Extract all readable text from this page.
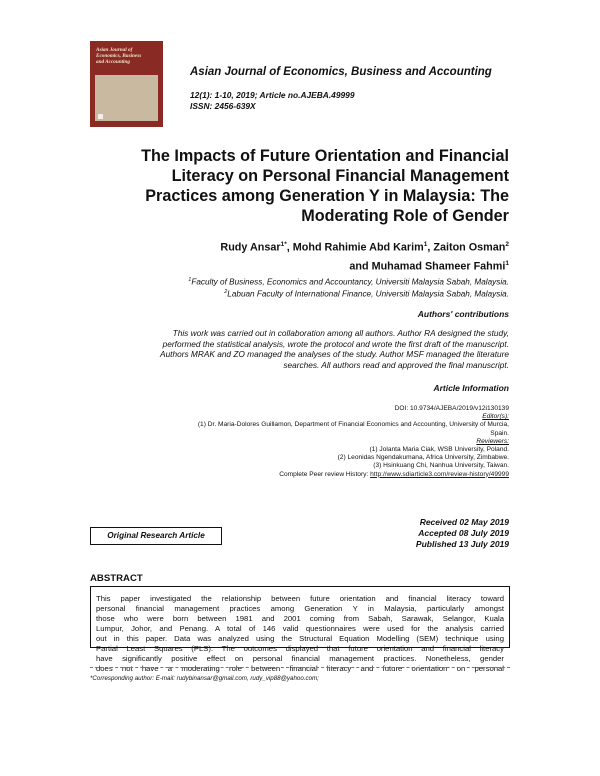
Asian Journal of
Economics, Business
and Accounting
Asian Journal of Economics, Business and Accounting
12(1): 1-10, 2019; Article no.AJEBA.49999
ISSN: 2456-639X
The Impacts of Future Orientation and Financial
Literacy on Personal Financial Management
Practices among Generation Y in Malaysia: The
Moderating Role of Gender
Rudy Ansar$^{1*}$, Mohd Rahimie Abd Karim$^1$, Zaiton Osman$^2$
and Muhamad Shameer Fahmi$^1$
$^1$Faculty of Business, Economics and Accountancy, Universiti Malaysia Sabah, Malaysia.
$^2$Labuan Faculty of International Finance, Universiti Malaysia Sabah, Malaysia.
Authors' contributions
This work was carried out in collaboration among all authors. Author RA designed the study,
performed the statistical analysis, wrote the protocol and wrote the first draft of the manuscript.
Authors MRAK and ZO managed the analyses of the study. Author MSF managed the literature
searches. All authors read and approved the final manuscript.
Article Information
DOI: 10.9734/AJEBA/2019/v12i130139
Editor(s):
(1) Dr. Maria-Dolores Guillamon, Department of Financial Economics and Accounting, University of Murcia,
Spain.
Reviewers:
(1) Jolanta Maria Ciak, WSB University, Poland.
(2) Leonidas Ngendakumana, Africa University, Zimbabwe.
(3) Hsinkuang Chi, Nanhua University, Taiwan.
Complete Peer review History: http://www.sdiarticle3.com/review-history/49999
Received 02 May 2019
Accepted 08 July 2019
Published 13 July 2019
Original Research Article
ABSTRACT
This paper investigated the relationship between future orientation and financial literacy toward
personal financial management practices among Generation Y in Malaysia, particularly amongst
those who were born between 1981 and 2001 coming from Sabah, Sarawak, Selangor, Kuala
Lumpur, Johor, and Penang. A total of 146 valid questionnaires were used for the analysis carried
out in this paper. Data was analyzed using the Structural Equation Modelling (SEM) technique using
Partial Least Squares (PLS). The outcomes displayed that future orientation and financial literacy
have significantly positive effect on personal financial management practices. Nonetheless, gender
does not have a moderating role between financial literacy and future orientation on personal
*Corresponding author: E-mail: rudybinansar@gmail.com, rudy_vip88@yahoo.com;
